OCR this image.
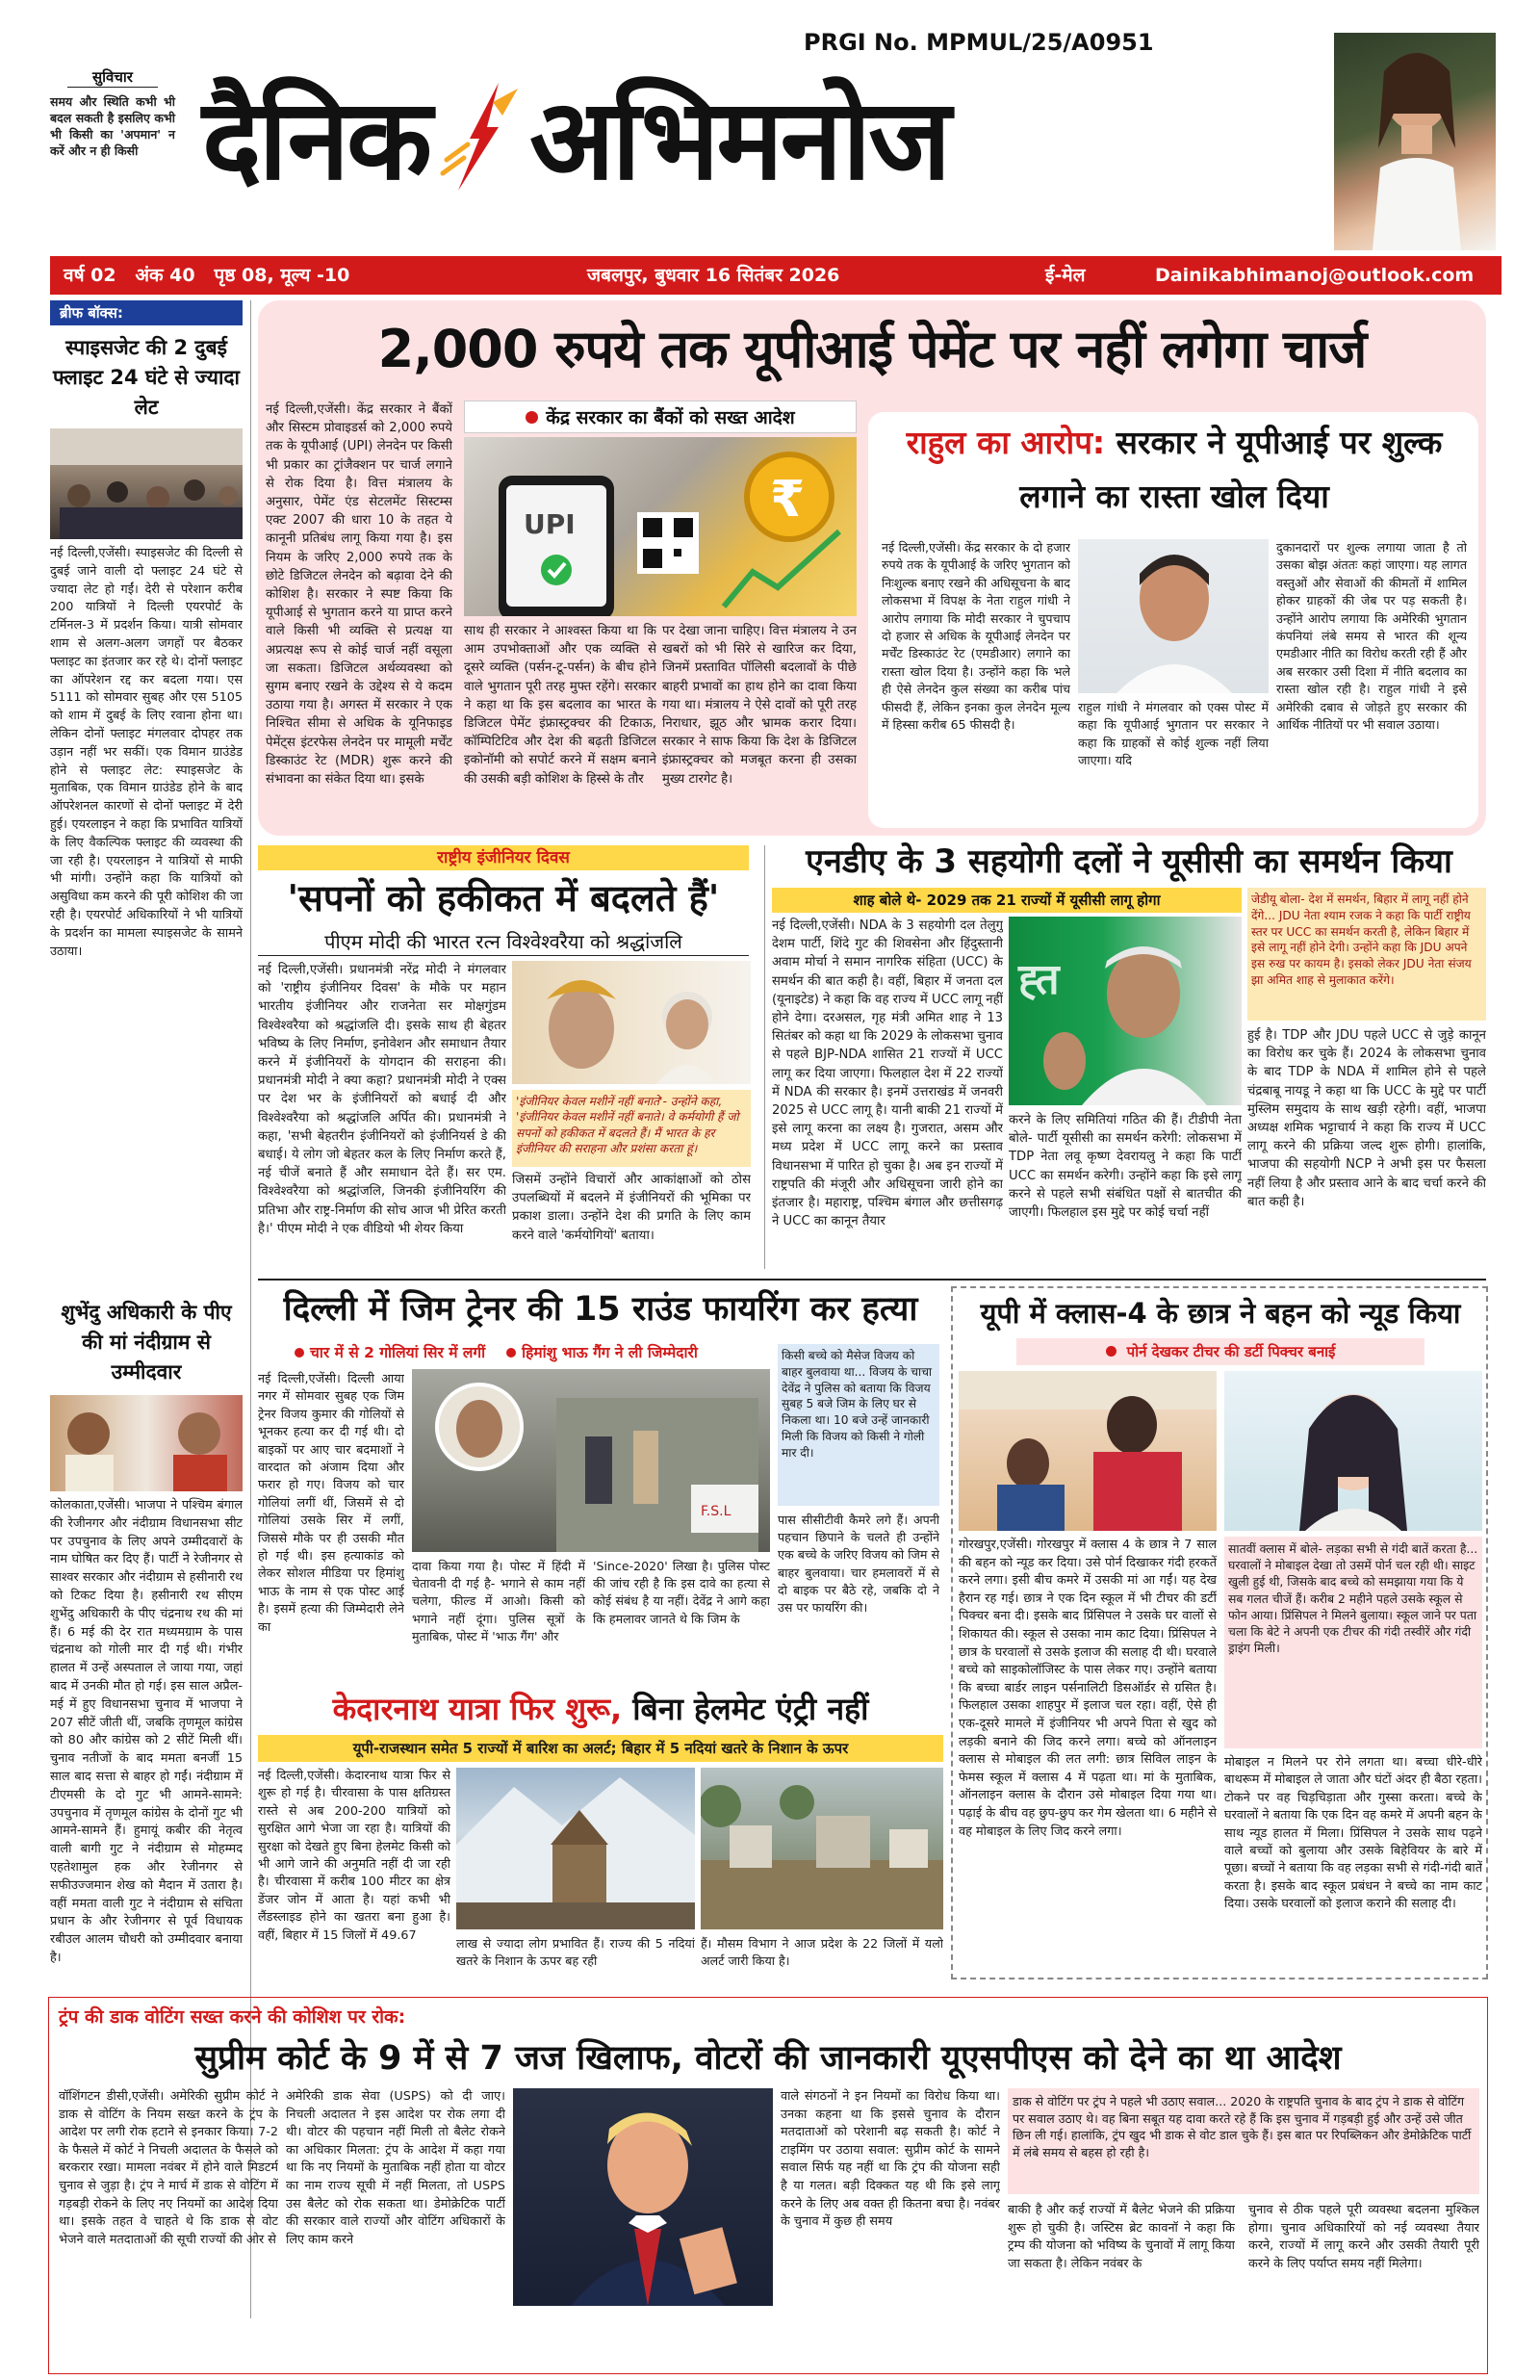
सुविचार
समय और स्थिति कभी भी बदल सकती है इसलिए कभी भी किसी का 'अपमान' न करें और न ही किसी
PRGI No. MPMUL/25/A0951
दैनिक अभिमनोज
वर्ष 02   अंक 40   पृष्ठ 08, मूल्य -10	जबलपुर, बुधवार 16 सितंबर 2026	ई-मेल	Dainikabhimanoj@outlook.com
ब्रीफ बॉक्स:
स्पाइसजेट की 2 दुबई फ्लाइट 24 घंटे से ज्यादा लेट
नई दिल्ली,एजेंसी। स्पाइसजेट की दिल्ली से दुबई जाने वाली दो फ्लाइट 24 घंटे से ज्यादा लेट हो गईं। देरी से परेशान करीब 200 यात्रियों ने दिल्ली एयरपोर्ट के टर्मिनल-3 में प्रदर्शन किया। यात्री सोमवार शाम से अलग-अलग जगहों पर बैठकर फ्लाइट का इंतजार कर रहे थे। दोनों फ्लाइट का ऑपरेशन रद्द कर बदला गया। एस 5111 को सोमवार सुबह और एस 5105 को शाम में दुबई के लिए रवाना होना था। लेकिन दोनों फ्लाइट मंगलवार दोपहर तक उड़ान नहीं भर सकीं। एक विमान ग्राउंडेड होने से फ्लाइट लेट: स्पाइसजेट के मुताबिक, एक विमान ग्राउंडेड होने के बाद ऑपरेशनल कारणों से दोनों फ्लाइट में देरी हुई। एयरलाइन ने कहा कि प्रभावित यात्रियों के लिए वैकल्पिक फ्लाइट की व्यवस्था की जा रही है। एयरलाइन ने यात्रियों से माफी भी मांगी। उन्होंने कहा कि यात्रियों को असुविधा कम करने की पूरी कोशिश की जा रही है। एयरपोर्ट अधिकारियों ने भी यात्रियों के प्रदर्शन का मामला स्पाइसजेट के सामने उठाया।
शुभेंदु अधिकारी के पीए की मां नंदीग्राम से उम्मीदवार
कोलकाता,एजेंसी। भाजपा ने पश्चिम बंगाल की रेजीनगर और नंदीग्राम विधानसभा सीट पर उपचुनाव के लिए अपने उम्मीदवारों के नाम घोषित कर दिए हैं। पार्टी ने रेजीनगर से साश्वर सरकार और नंदीग्राम से हसीनारी रथ को टिकट दिया है। हसीनारी रथ सीएम शुभेंदु अधिकारी के पीए चंद्रनाथ रथ की मां हैं। 6 मई की देर रात मध्यमग्राम के पास चंद्रनाथ को गोली मार दी गई थी। गंभीर हालत में उन्हें अस्पताल ले जाया गया, जहां बाद में उनकी मौत हो गई। इस साल अप्रैल-मई में हुए विधानसभा चुनाव में भाजपा ने 207 सीटें जीती थीं, जबकि तृणमूल कांग्रेस को 80 और कांग्रेस को 2 सीटें मिली थीं। चुनाव नतीजों के बाद ममता बनर्जी 15 साल बाद सत्ता से बाहर हो गईं। नंदीग्राम में टीएमसी के दो गुट भी आमने-सामने: उपचुनाव में तृणमूल कांग्रेस के दोनों गुट भी आमने-सामने हैं। हुमायूं कबीर की नेतृत्व वाली बागी गुट ने नंदीग्राम से मोहम्मद एहतेशामुल हक और रेजीनगर से सफीउज्जमान शेख को मैदान में उतारा है। वहीं ममता वाली गुट ने नंदीग्राम से संचिता प्रधान के और रेजीनगर से पूर्व विधायक रबीउल आलम चौधरी को उम्मीदवार बनाया है।
2,000 रुपये तक यूपीआई पेमेंट पर नहीं लगेगा चार्ज
नई दिल्ली,एजेंसी। केंद्र सरकार ने बैंकों और सिस्टम प्रोवाइडर्स को 2,000 रुपये तक के यूपीआई (UPI) लेनदेन पर किसी भी प्रकार का ट्रांजैक्शन पर चार्ज लगाने से रोक दिया है। वित्त मंत्रालय के अनुसार, पेमेंट एंड सेटलमेंट सिस्टम्स एक्ट 2007 की धारा 10 के तहत ये कानूनी प्रतिबंध लागू किया गया है। इस नियम के जरिए 2,000 रुपये तक के छोटे डिजिटल लेनदेन को बढ़ावा देने की कोशिश है। सरकार ने स्पष्ट किया कि यूपीआई से भुगतान करने या प्राप्त करने वाले किसी भी व्यक्ति से प्रत्यक्ष या अप्रत्यक्ष रूप से कोई चार्ज नहीं वसूला जा सकता। डिजिटल अर्थव्यवस्था को सुगम बनाए रखने के उद्देश्य से ये कदम उठाया गया है। अगस्त में सरकार ने एक निश्चित सीमा से अधिक के यूनिफाइड पेमेंट्स इंटरफेस लेनदेन पर मामूली मर्चेंट डिस्काउंट रेट (MDR) शुरू करने की संभावना का संकेत दिया था। इसके
केंद्र सरकार का बैंकों को सख्त आदेश
UPI	₹
साथ ही सरकार ने आश्वस्त किया था कि आम उपभोक्ताओं और एक व्यक्ति से दूसरे व्यक्ति (पर्सन-टू-पर्सन) के बीच होने वाले भुगतान पूरी तरह मुफ्त रहेंगे। सरकार ने कहा था कि इस बदलाव का भारत के डिजिटल पेमेंट इंफ्रास्ट्रक्चर की टिकाऊ, कॉम्पिटिटिव और देश की बढ़ती डिजिटल इकोनॉमी को सपोर्ट करने में सक्षम बनाने की उसकी बड़ी कोशिश के हिस्से के तौर
पर देखा जाना चाहिए। वित्त मंत्रालय ने उन खबरों को भी सिरे से खारिज कर दिया, जिनमें प्रस्तावित पॉलिसी बदलावों के पीछे बाहरी प्रभावों का हाथ होने का दावा किया गया था। मंत्रालय ने ऐसे दावों को पूरी तरह निराधार, झूठ और भ्रामक करार दिया। सरकार ने साफ किया कि देश के डिजिटल इंफ्रास्ट्रक्चर को मजबूत करना ही उसका मुख्य टारगेट है।
राहुल का आरोप: सरकार ने यूपीआई पर शुल्क लगाने का रास्ता खोल दिया
नई दिल्ली,एजेंसी। केंद्र सरकार के दो हजार रुपये तक के यूपीआई के जरिए भुगतान को निःशुल्क बनाए रखने की अधिसूचना के बाद लोकसभा में विपक्ष के नेता राहुल गांधी ने आरोप लगाया कि मोदी सरकार ने चुपचाप दो हजार से अधिक के यूपीआई लेनदेन पर मर्चेंट डिस्काउंट रेट (एमडीआर) लगाने का रास्ता खोल दिया है। उन्होंने कहा कि भले ही ऐसे लेनदेन कुल संख्या का करीब पांच फीसदी हैं, लेकिन इनका कुल लेनदेन मूल्य में हिस्सा करीब 65 फीसदी है।
राहुल गांधी ने मंगलवार को एक्स पोस्ट में कहा कि यूपीआई भुगतान पर सरकार ने कहा कि ग्राहकों से कोई शुल्क नहीं लिया जाएगा। यदि
दुकानदारों पर शुल्क लगाया जाता है तो उसका बोझ अंततः कहां जाएगा। यह लागत वस्तुओं और सेवाओं की कीमतों में शामिल होकर ग्राहकों की जेब पर पड़ सकती है। उन्होंने आरोप लगाया कि अमेरिकी भुगतान कंपनियां लंबे समय से भारत की शून्य एमडीआर नीति का विरोध करती रही हैं और अब सरकार उसी दिशा में नीति बदलाव का रास्ता खोल रही है। राहुल गांधी ने इसे अमेरिकी दबाव से जोड़ते हुए सरकार की आर्थिक नीतियों पर भी सवाल उठाया।
राष्ट्रीय इंजीनियर दिवस
'सपनों को हकीकत में बदलते हैं'
पीएम मोदी की भारत रत्न विश्वेश्वरैया को श्रद्धांजलि
नई दिल्ली,एजेंसी। प्रधानमंत्री नरेंद्र मोदी ने मंगलवार को 'राष्ट्रीय इंजीनियर दिवस' के मौके पर महान भारतीय इंजीनियर और राजनेता सर मोक्षगुंडम विश्वेश्वरैया को श्रद्धांजलि दी। इसके साथ ही बेहतर भविष्य के लिए निर्माण, इनोवेशन और समाधान तैयार करने में इंजीनियरों के योगदान की सराहना की। प्रधानमंत्री मोदी ने क्या कहा? प्रधानमंत्री मोदी ने एक्स पर देश भर के इंजीनियरों को बधाई दी और विश्वेश्वरैया को श्रद्धांजलि अर्पित की। प्रधानमंत्री ने कहा, 'सभी बेहतरीन इंजीनियरों को इंजीनियर्स डे की बधाई। ये लोग जो बेहतर कल के लिए निर्माण करते हैं, नई चीजें बनाते हैं और समाधान देते हैं। सर एम. विश्वेश्वरैया को श्रद्धांजलि, जिनकी इंजीनियरिंग की प्रतिभा और राष्ट्र-निर्माण की सोच आज भी प्रेरित करती है।' पीएम मोदी ने एक वीडियो भी शेयर किया
'इंजीनियर केवल मशीनें नहीं बनाते'- उन्होंने कहा, 'इंजीनियर केवल मशीनें नहीं बनाते। वे कर्मयोगी हैं जो सपनों को हकीकत में बदलते हैं। मैं भारत के हर इंजीनियर की सराहना और प्रशंसा करता हूं।
जिसमें उन्होंने विचारों और आकांक्षाओं को ठोस उपलब्धियों में बदलने में इंजीनियरों की भूमिका पर प्रकाश डाला। उन्होंने देश की प्रगति के लिए काम करने वाले 'कर्मयोगियों' बताया।
एनडीए के 3 सहयोगी दलों ने यूसीसी का समर्थन किया
शाह बोले थे- 2029 तक 21 राज्यों में यूसीसी लागू होगा
नई दिल्ली,एजेंसी। NDA के 3 सहयोगी दल तेलुगु देशम पार्टी, शिंदे गुट की शिवसेना और हिंदुस्तानी अवाम मोर्चा ने समान नागरिक संहिता (UCC) के समर्थन की बात कही है। वहीं, बिहार में जनता दल (यूनाइटेड) ने कहा कि वह राज्य में UCC लागू नहीं होने देगा। दरअसल, गृह मंत्री अमित शाह ने 13 सितंबर को कहा था कि 2029 के लोकसभा चुनाव से पहले BJP-NDA शासित 21 राज्यों में UCC लागू कर दिया जाएगा। फिलहाल देश में 22 राज्यों में NDA की सरकार है। इनमें उत्तराखंड में जनवरी 2025 से UCC लागू है। यानी बाकी 21 राज्यों में इसे लागू करना का लक्ष्य है। गुजरात, असम और मध्य प्रदेश में UCC लागू करने का प्रस्ताव विधानसभा में पारित हो चुका है। अब इन राज्यों में राष्ट्रपति की मंजूरी और अधिसूचना जारी होने का इंतजार है। महाराष्ट्र, पश्चिम बंगाल और छत्तीसगढ़ ने UCC का कानून तैयार
ह्त
करने के लिए समितियां गठित की हैं। टीडीपी नेता बोले- पार्टी यूसीसी का समर्थन करेगी: लोकसभा में TDP नेता लवू कृष्ण देवरायलु ने कहा कि पार्टी UCC का समर्थन करेगी। उन्होंने कहा कि इसे लागू करने से पहले सभी संबंधित पक्षों से बातचीत की जाएगी। फिलहाल इस मुद्दे पर कोई चर्चा नहीं
जेडीयू बोला- देश में समर्थन, बिहार में लागू नहीं होने देंगे... JDU नेता श्याम रजक ने कहा कि पार्टी राष्ट्रीय स्तर पर UCC का समर्थन करती है, लेकिन बिहार में इसे लागू नहीं होने देगी। उन्होंने कहा कि JDU अपने इस रुख पर कायम है। इसको लेकर JDU नेता संजय झा अमित शाह से मुलाकात करेंगे।
हुई है। TDP और JDU पहले UCC से जुड़े कानून का विरोध कर चुके हैं। 2024 के लोकसभा चुनाव के बाद TDP के NDA में शामिल होने से पहले चंद्रबाबू नायडू ने कहा था कि UCC के मुद्दे पर पार्टी मुस्लिम समुदाय के साथ खड़ी रहेगी। वहीं, भाजपा अध्यक्ष शमिक भट्टाचार्य ने कहा कि राज्य में UCC लागू करने की प्रक्रिया जल्द शुरू होगी। हालांकि, भाजपा की सहयोगी NCP ने अभी इस पर फैसला नहीं लिया है और प्रस्ताव आने के बाद चर्चा करने की बात कही है।
दिल्ली में जिम ट्रेनर की 15 राउंड फायरिंग कर हत्या
चार में से 2 गोलियां सिर में लगीं	हिमांशु भाऊ गैंग ने ली जिम्मेदारी
नई दिल्ली,एजेंसी। दिल्ली आया नगर में सोमवार सुबह एक जिम ट्रेनर विजय कुमार की गोलियों से भूनकर हत्या कर दी गई थी। दो बाइकों पर आए चार बदमाशों ने वारदात को अंजाम दिया और फरार हो गए। विजय को चार गोलियां लगीं थीं, जिसमें से दो गोलियां उसके सिर में लगीं, जिससे मौके पर ही उसकी मौत हो गई थी। इस हत्याकांड को लेकर सोशल मीडिया पर हिमांशु भाऊ के नाम से एक पोस्ट आई है। इसमें हत्या की जिम्मेदारी लेने का
F.S.L
दावा किया गया है। पोस्ट में हिंदी में चेतावनी दी गई है- भगाने से काम नहीं चलेगा, फील्ड में आओ। किसी को भगाने नहीं दूंगा। पुलिस सूत्रों के मुताबिक, पोस्ट में 'भाऊ गैंग' और
'Since-2020' लिखा है। पुलिस पोस्ट की जांच रही है कि इस दावे का हत्या से कोई संबंध है या नहीं। देवेंद्र ने आगे कहा कि हमलावर जानते थे कि जिम के
किसी बच्चे को मैसेज विजय को बाहर बुलवाया था... विजय के चाचा देवेंद्र ने पुलिस को बताया कि विजय सुबह 5 बजे जिम के लिए घर से निकला था। 10 बजे उन्हें जानकारी मिली कि विजय को किसी ने गोली मार दी।
पास सीसीटीवी कैमरे लगे हैं। अपनी पहचान छिपाने के चलते ही उन्होंने एक बच्चे के जरिए विजय को जिम से बाहर बुलवाया। चार हमलावरों में से दो बाइक पर बैठे रहे, जबकि दो ने उस पर फायरिंग की।
यूपी में क्लास-4 के छात्र ने बहन को न्यूड किया
पोर्न देखकर टीचर की डर्टी पिक्चर बनाई
गोरखपुर,एजेंसी। गोरखपुर में क्लास 4 के छात्र ने 7 साल की बहन को न्यूड कर दिया। उसे पोर्न दिखाकर गंदी हरकतें करने लगा। इसी बीच कमरे में उसकी मां आ गईं। यह देख हैरान रह गई। छात्र ने एक दिन स्कूल में भी टीचर की डर्टी पिक्चर बना दी। इसके बाद प्रिंसिपल ने उसके घर वालों से शिकायत की। स्कूल से उसका नाम काट दिया। प्रिंसिपल ने छात्र के घरवालों से उसके इलाज की सलाह दी थी। घरवाले बच्चे को साइकोलॉजिस्ट के पास लेकर गए। उन्होंने बताया कि बच्चा बार्डर लाइन पर्सनालिटी डिसऑर्डर से ग्रसित है। फिलहाल उसका शाहपुर में इलाज चल रहा। वहीं, ऐसे ही एक-दूसरे मामले में इंजीनियर भी अपने पिता से खुद को लड़की बनाने की जिद करने लगा। बच्चे को ऑनलाइन क्लास से मोबाइल की लत लगी: छात्र सिविल लाइन के फेमस स्कूल में क्लास 4 में पढ़ता था। मां के मुताबिक, ऑनलाइन क्लास के दौरान उसे मोबाइल दिया गया था। पढ़ाई के बीच वह छुप-छुप कर गेम खेलता था। 6 महीने से वह मोबाइल के लिए जिद करने लगा।
सातवीं क्लास में बोले- लड़का सभी से गंदी बातें करता है... घरवालों ने मोबाइल देखा तो उसमें पोर्न चल रही थी। साइट खुली हुई थी, जिसके बाद बच्चे को समझाया गया कि ये सब गलत चीजें हैं। करीब 2 महीने पहले उसके स्कूल से फोन आया। प्रिंसिपल ने मिलने बुलाया। स्कूल जाने पर पता चला कि बेटे ने अपनी एक टीचर की गंदी तस्वीरें और गंदी ड्राइंग मिली।
मोबाइल न मिलने पर रोने लगता था। बच्चा धीरे-धीरे बाथरूम में मोबाइल ले जाता और घंटों अंदर ही बैठा रहता। टोकने पर वह चिड़चिड़ाता और गुस्सा करता। बच्चे के घरवालों ने बताया कि एक दिन वह कमरे में अपनी बहन के साथ न्यूड हालत में मिला। प्रिंसिपल ने उसके साथ पढ़ने वाले बच्चों को बुलाया और उसके बिहेवियर के बारे में पूछा। बच्चों ने बताया कि वह लड़का सभी से गंदी-गंदी बातें करता है। इसके बाद स्कूल प्रबंधन ने बच्चे का नाम काट दिया। उसके घरवालों को इलाज कराने की सलाह दी।
केदारनाथ यात्रा फिर शुरू, बिना हेलमेट एंट्री नहीं
यूपी-राजस्थान समेत 5 राज्यों में बारिश का अलर्ट; बिहार में 5 नदियां खतरे के निशान के ऊपर
नई दिल्ली,एजेंसी। केदारनाथ यात्रा फिर से शुरू हो गई है। चीरवासा के पास क्षतिग्रस्त रास्ते से अब 200-200 यात्रियों को सुरक्षित आगे भेजा जा रहा है। यात्रियों की सुरक्षा को देखते हुए बिना हेलमेट किसी को भी आगे जाने की अनुमति नहीं दी जा रही है। चीरवासा में करीब 100 मीटर का क्षेत्र डेंजर जोन में आता है। यहां कभी भी लैंडस्लाइड होने का खतरा बना हुआ है। वहीं, बिहार में 15 जिलों में 49.67
लाख से ज्यादा लोग प्रभावित हैं। राज्य की 5 नदियां खतरे के निशान के ऊपर बह रही
हैं। मौसम विभाग ने आज प्रदेश के 22 जिलों में यलो अलर्ट जारी किया है।
ट्रंप की डाक वोटिंग सख्त करने की कोशिश पर रोक:
सुप्रीम कोर्ट के 9 में से 7 जज खिलाफ, वोटरों की जानकारी यूएसपीएस को देने का था आदेश
वॉशिंगटन डीसी,एजेंसी। अमेरिकी सुप्रीम कोर्ट ने डाक से वोटिंग के नियम सख्त करने के ट्रंप के आदेश पर लगी रोक हटाने से इनकार किया। 7-2 के फैसले में कोर्ट ने निचली अदालत के फैसले को बरकरार रखा। मामला नवंबर में होने वाले मिडटर्म चुनाव से जुड़ा है। ट्रंप ने मार्च में डाक से वोटिंग में गड़बड़ी रोकने के लिए नए नियमों का आदेश दिया था। इसके तहत वे चाहते थे कि डाक से वोट भेजने वाले मतदाताओं की सूची राज्यों की ओर से
अमेरिकी डाक सेवा (USPS) को दी जाए। निचली अदालत ने इस आदेश पर रोक लगा दी थी। वोटर की पहचान नहीं मिली तो बैलेट रोकने का अधिकार मिलता: ट्रंप के आदेश में कहा गया था कि नए नियमों के मुताबिक नहीं होता या वोटर का नाम राज्य सूची में नहीं मिलता, तो USPS उस बैलेट को रोक सकता था। डेमोक्रेटिक पार्टी की सरकार वाले राज्यों और वोटिंग अधिकारों के लिए काम करने
वाले संगठनों ने इन नियमों का विरोध किया था। उनका कहना था कि इससे चुनाव के दौरान मतदाताओं को परेशानी बढ़ सकती है। कोर्ट ने टाइमिंग पर उठाया सवाल: सुप्रीम कोर्ट के सामने सवाल सिर्फ यह नहीं था कि ट्रंप की योजना सही है या गलत। बड़ी दिक्कत यह थी कि इसे लागू करने के लिए अब वक्त ही कितना बचा है। नवंबर के चुनाव में कुछ ही समय
डाक से वोटिंग पर ट्रंप ने पहले भी उठाए सवाल... 2020 के राष्ट्रपति चुनाव के बाद ट्रंप ने डाक से वोटिंग पर सवाल उठाए थे। वह बिना सबूत यह दावा करते रहे हैं कि इस चुनाव में गड़बड़ी हुई और उन्हें उसे जीत छिन ली गई। हालांकि, ट्रंप खुद भी डाक से वोट डाल चुके हैं। इस बात पर रिपब्लिकन और डेमोक्रेटिक पार्टी में लंबे समय से बहस हो रही है।
बाकी है और कई राज्यों में बैलेट भेजने की प्रक्रिया शुरू हो चुकी है। जस्टिस ब्रेट कावनॉ ने कहा कि ट्रम्प की योजना को भविष्य के चुनावों में लागू किया जा सकता है। लेकिन नवंबर के
चुनाव से ठीक पहले पूरी व्यवस्था बदलना मुश्किल होगा। चुनाव अधिकारियों को नई व्यवस्था तैयार करने, राज्यों में लागू करने और उसकी तैयारी पूरी करने के लिए पर्याप्त समय नहीं मिलेगा।
